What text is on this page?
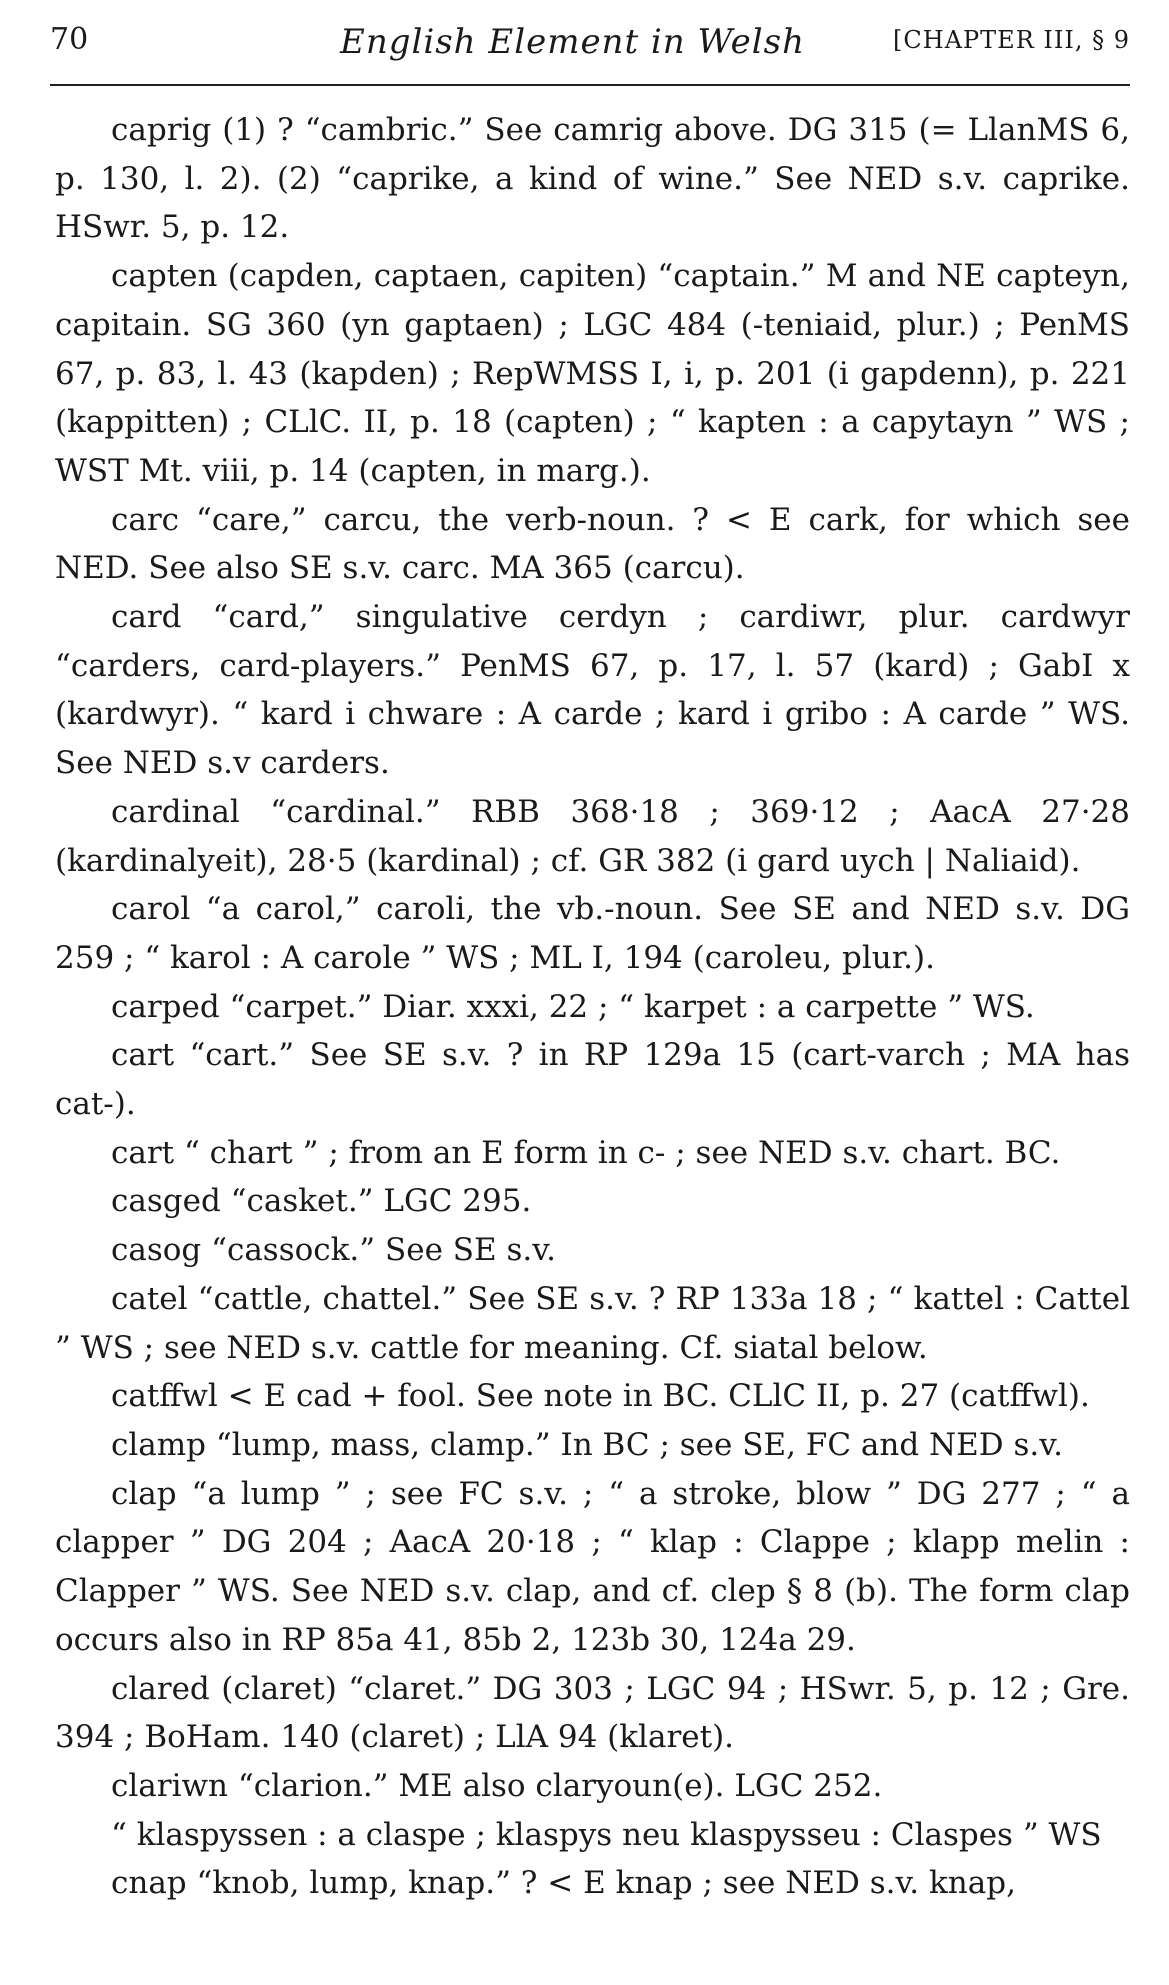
70	English Element in Welsh	[CHAPTER III, § 9

caprig (1) ? “cambric.” See camrig above. DG 315 (= LlanMS 6, p. 130, l. 2). (2) “caprike, a kind of wine.” See NED s.v. caprike. HSwr. 5, p. 12.

capten (capden, captaen, capiten) “captain.” M and NE capteyn, capitain. SG 360 (yn gaptaen) ; LGC 484 (-teniaid, plur.) ; PenMS 67, p. 83, l. 43 (kapden) ; RepWMSS I, i, p. 201 (i gapdenn), p. 221 (kappitten) ; CLlC. II, p. 18 (capten) ; “ kapten : a capytayn ” WS ; WST Mt. viii, p. 14 (capten, in marg.).

carc “care,” carcu, the verb-noun. ? < E cark, for which see NED. See also SE s.v. carc. MA 365 (carcu).

card “card,” singulative cerdyn ; cardiwr, plur. cardwyr “carders, card-players.” PenMS 67, p. 17, l. 57 (kard) ; GabI x (kardwyr). “ kard i chware : A carde ; kard i gribo : A carde ” WS. See NED s.v carders.

cardinal “cardinal.” RBB 368·18 ; 369·12 ; AacA 27·28 (kardinalyeit), 28·5 (kardinal) ; cf. GR 382 (i gard uych | Naliaid).

carol “a carol,” caroli, the vb.-noun. See SE and NED s.v. DG 259 ; “ karol : A carole ” WS ; ML I, 194 (caroleu, plur.).

carped “carpet.” Diar. xxxi, 22 ; “ karpet : a carpette ” WS.

cart “cart.” See SE s.v. ? in RP 129a 15 (cart-varch ; MA has cat-).

cart “ chart ” ; from an E form in c- ; see NED s.v. chart. BC.

casged “casket.” LGC 295.

casog “cassock.” See SE s.v.

catel “cattle, chattel.” See SE s.v. ? RP 133a 18 ; “ kattel : Cattel ” WS ; see NED s.v. cattle for meaning. Cf. siatal below.

catffwl < E cad + fool. See note in BC. CLlC II, p. 27 (catffwl).

clamp “lump, mass, clamp.” In BC ; see SE, FC and NED s.v.

clap “a lump ” ; see FC s.v. ; “ a stroke, blow ” DG 277 ; “ a clapper ” DG 204 ; AacA 20·18 ; “ klap : Clappe ; klapp melin : Clapper ” WS. See NED s.v. clap, and cf. clep § 8 (b). The form clap occurs also in RP 85a 41, 85b 2, 123b 30, 124a 29.

clared (claret) “claret.” DG 303 ; LGC 94 ; HSwr. 5, p. 12 ; Gre. 394 ; BoHam. 140 (claret) ; LlA 94 (klaret).

clariwn “clarion.” ME also claryoun(e). LGC 252.

“ klaspyssen : a claspe ; klaspys neu klaspysseu : Claspes ” WS

cnap “knob, lump, knap.” ? < E knap ; see NED s.v. knap,
